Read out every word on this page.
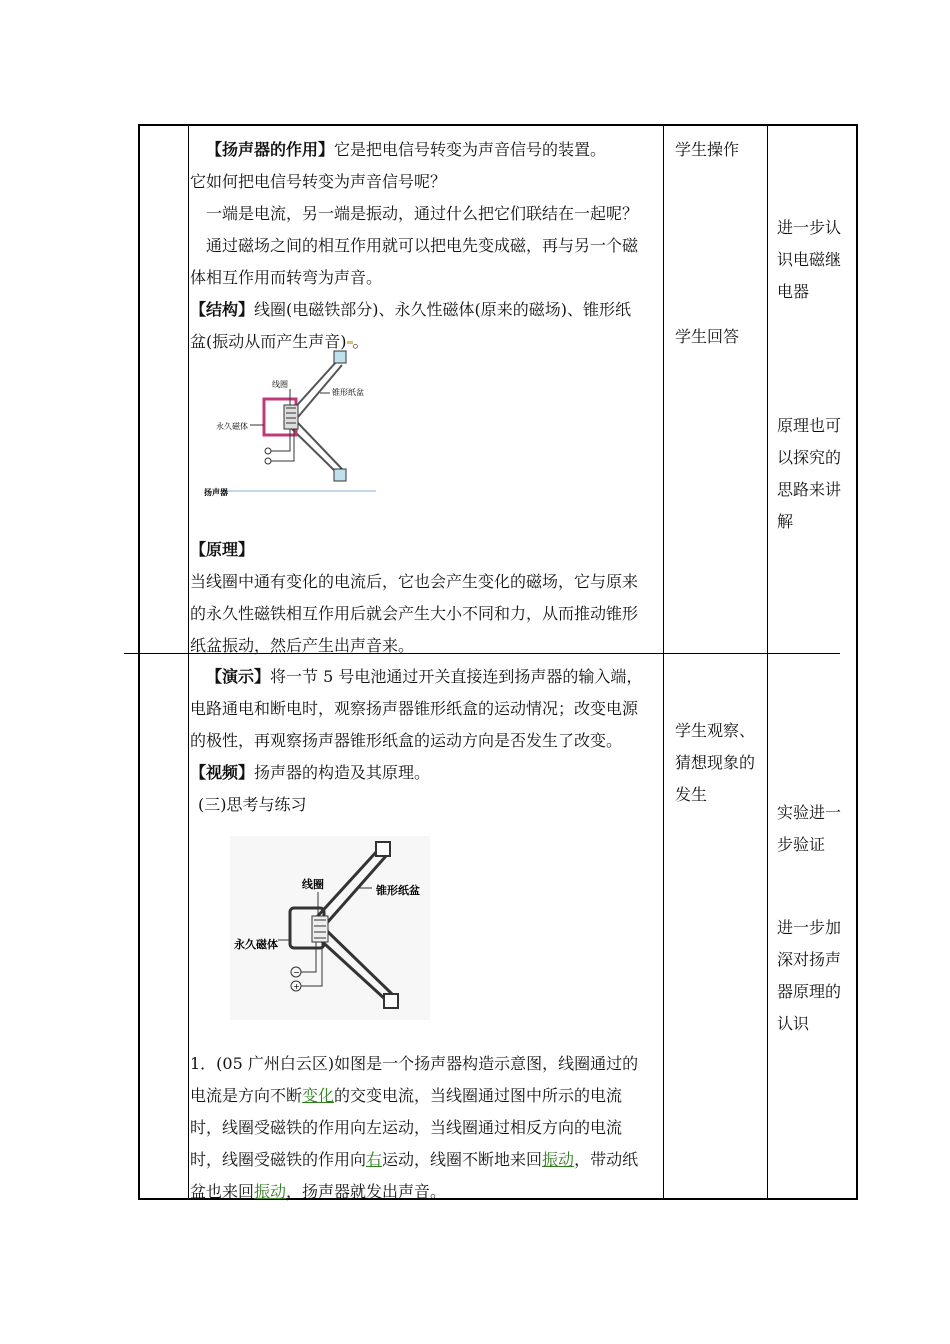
【扬声器的作用】它是把电信号转变为声音信号的装置。
它如何把电信号转变为声音信号呢？
一端是电流，另一端是振动，通过什么把它们联结在一起呢？
通过磁场之间的相互作用就可以把电先变成磁，再与另一个磁
体相互作用而转弯为声音。
【结构】线圈(电磁铁部分)、永久性磁体(原来的磁场)、锥形纸
盆(振动从而产生声音) 。
线圈
锥形纸盆
永久磁体
扬声器
【原理】
当线圈中通有变化的电流后，它也会产生变化的磁场，它与原来
的永久性磁铁相互作用后就会产生大小不同和力，从而推动锥形
纸盆振动，然后产生出声音来。
学生操作
学生回答
进一步认
识电磁继
电器
原理也可
以探究的
思路来讲
解
【演示】将一节 5 号电池通过开关直接连到扬声器的输入端，
电路通电和断电时，观察扬声器锥形纸盒的运动情况；改变电源
的极性，再观察扬声器锥形纸盒的运动方向是否发生了改变。
【视频】扬声器的构造及其原理。
(三)思考与练习
−
+
线圈	锥形纸盆
永久磁体
1．(05 广州白云区)如图是一个扬声器构造示意图，线圈通过的
电流是方向不断变化的交变电流，当线圈通过图中所示的电流
时，线圈受磁铁的作用向左运动，当线圈通过相反方向的电流
时，线圈受磁铁的作用向右运动，线圈不断地来回振动，带动纸
盆也来回振动，扬声器就发出声音。
学生观察、
猜想现象的
发生
实验进一
步验证
进一步加
深对扬声
器原理的
认识
